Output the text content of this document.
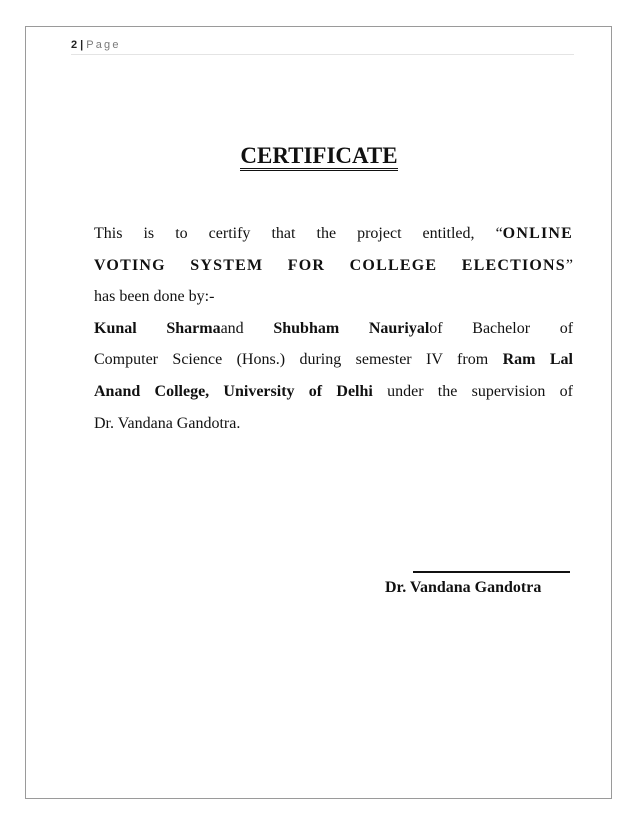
2 | Page
CERTIFICATE
This is to certify that the project entitled, “ONLINE
VOTING SYSTEM FOR COLLEGE ELECTIONS”
has been done by:-
Kunal Sharmaand Shubham Nauriyalof Bachelor of
Computer Science (Hons.) during semester IV from Ram Lal
Anand College, University of Delhi under the supervision of
Dr. Vandana Gandotra.
Dr. Vandana Gandotra
